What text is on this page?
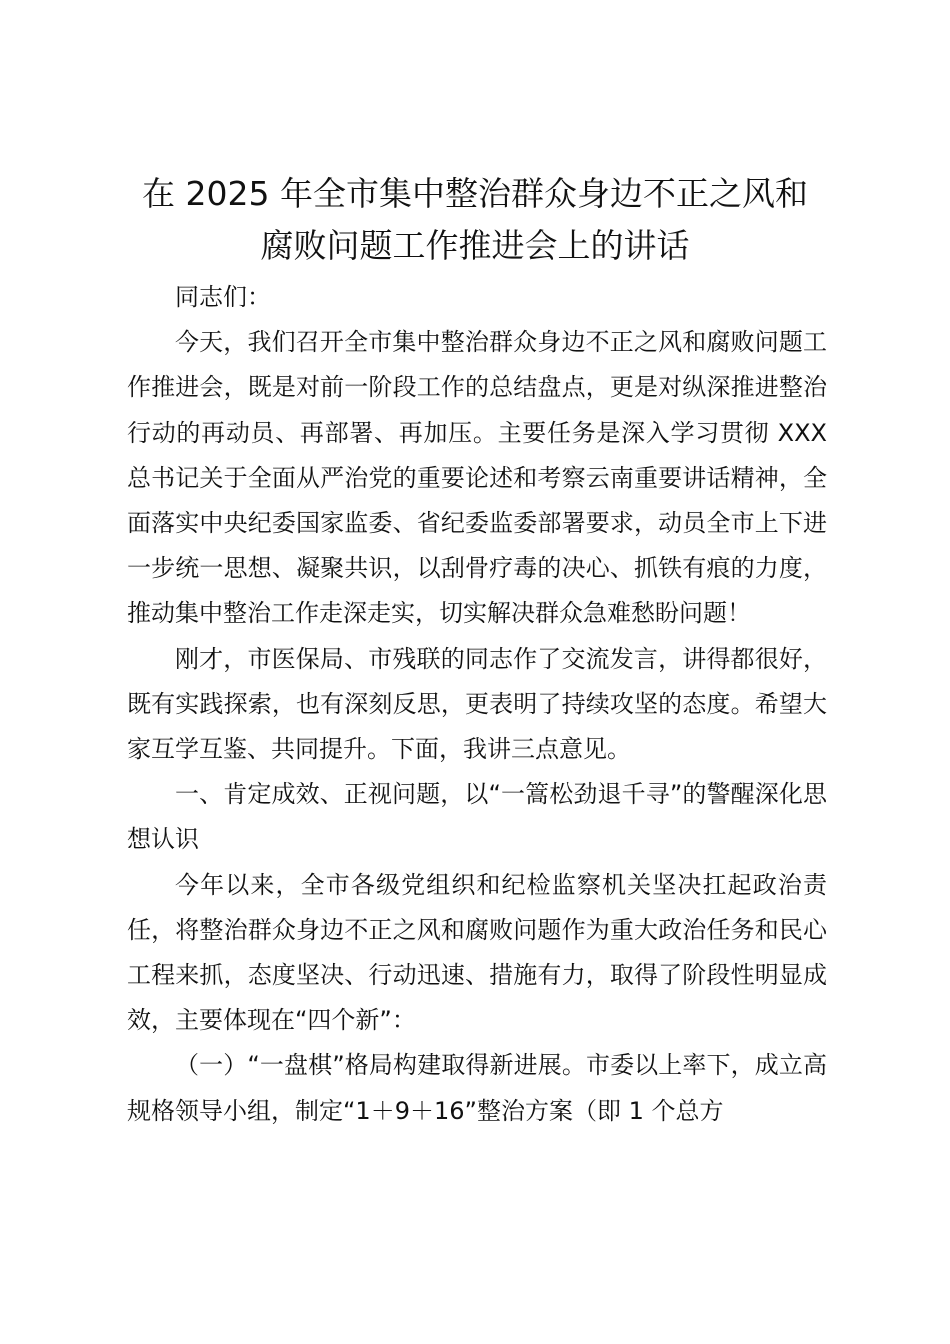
在 2025 年全市集中整治群众身边不正之风和
腐败问题工作推进会上的讲话

同志们：

今天，我们召开全市集中整治群众身边不正之风和腐败问题工作推进会，既是对前一阶段工作的总结盘点，更是对纵深推进整治行动的再动员、再部署、再加压。主要任务是深入学习贯彻 XXX 总书记关于全面从严治党的重要论述和考察云南重要讲话精神，全面落实中央纪委国家监委、省纪委监委部署要求，动员全市上下进一步统一思想、凝聚共识，以刮骨疗毒的决心、抓铁有痕的力度，推动集中整治工作走深走实，切实解决群众急难愁盼问题！

刚才，市医保局、市残联的同志作了交流发言，讲得都很好，既有实践探索，也有深刻反思，更表明了持续攻坚的态度。希望大家互学互鉴、共同提升。下面，我讲三点意见。

一、肯定成效、正视问题，以“一篙松劲退千寻”的警醒深化思想认识

今年以来，全市各级党组织和纪检监察机关坚决扛起政治责任，将整治群众身边不正之风和腐败问题作为重大政治任务和民心工程来抓，态度坚决、行动迅速、措施有力，取得了阶段性明显成效，主要体现在“四个新”：

（一）“一盘棋”格局构建取得新进展。市委以上率下，成立高规格领导小组，制定“1＋9＋16”整治方案（即 1 个总方
